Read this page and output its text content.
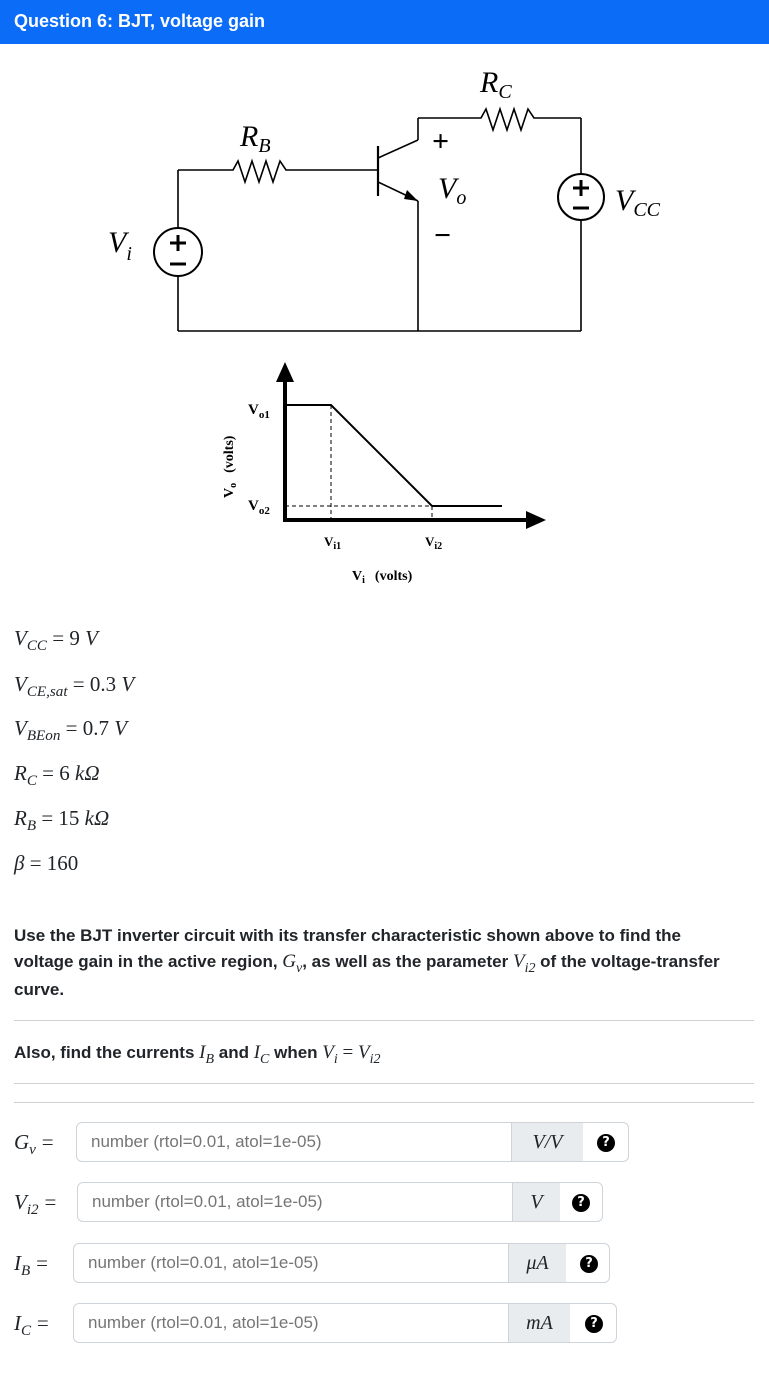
Question 6: BJT, voltage gain
$R_C$
$R_B$	+
$V_o$
−
$V_{CC}$
$V_i$
$V_{o1}$
$V_{o2}$
$V_{i1}$	$V_{i2}$
$V_o(volts)$
$V_i$ (volts)
$V_{CC} = 9$ V
$V_{CE,sat} = 0.3$ V
$V_{BEon} = 0.7$ V
$R_C = 6$ kΩ
$R_B = 15$ kΩ
β = 160
Use the BJT inverter circuit with its transfer characteristic shown above to find the voltage gain in the active region, $G_v$, as well as the parameter $V_{i2}$ of the voltage-transfer curve.
Also, find the currents $I_B$ and $I_C$ when $V_i = V_{i2}$
$G_v$ =
number (rtol=0.01, atol=1e-05)	V/V	?
$V_{i2}$ =
number (rtol=0.01, atol=1e-05)	V	?
$I_B$ =
number (rtol=0.01, atol=1e-05)	μA	?
$I_C$ =
number (rtol=0.01, atol=1e-05)	mA	?
